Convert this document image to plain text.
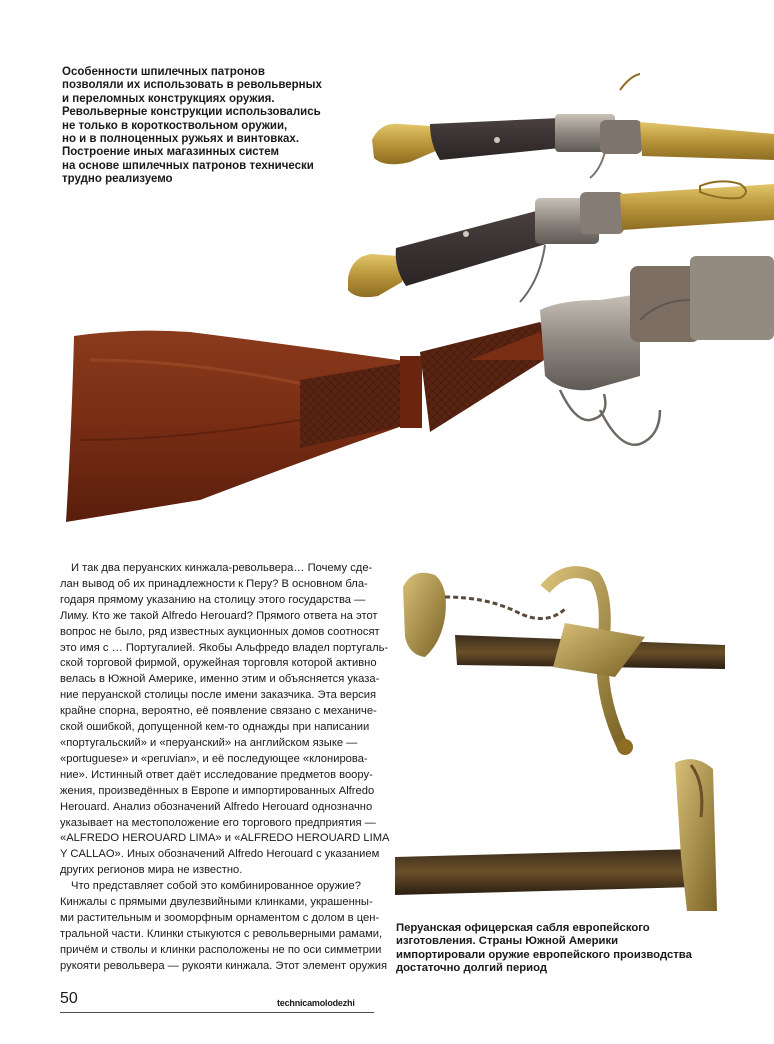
Особенности шпилечных патронов
позволяли их использовать в револьверных
и переломных конструкциях оружия.
Револьверные конструкции использовались
не только в короткоствольном оружии,
но и в полноценных ружьях и винтовках.
Построение иных магазинных систем
на основе шпилечных патронов технически
трудно реализуемо
И так два перуанских кинжала-револьвера… Почему сде-
лан вывод об их принадлежности к Перу? В основном бла-
годаря прямому указанию на столицу этого государства —
Лиму. Кто же такой Alfredo Herouard? Прямого ответа на этот
вопрос не было, ряд известных аукционных домов соотносят
это имя с … Португалией. Якобы Альфредо владел португаль-
ской торговой фирмой, оружейная торговля которой активно
велась в Южной Америке, именно этим и объясняется указа-
ние перуанской столицы после имени заказчика. Эта версия
крайне спорна, вероятно, её появление связано с механиче-
ской ошибкой, допущенной кем-то однажды при написании
«португальский» и «перуанский» на английском языке —
«portuguese» и «peruvian», и её последующее «клонирова-
ние». Истинный ответ даёт исследование предметов воору-
жения, произведённых в Европе и импортированных Alfredo
Herouard. Анализ обозначений Alfredo Herouard однозначно
указывает на местоположение его торгового предприятия —
«ALFREDO HEROUARD LIMA» и «ALFREDO HEROUARD LIMA
Y CALLAO». Иных обозначений Alfredo Herouard с указанием
других регионов мира не известно.
Что представляет собой это комбинированное оружие?
Кинжалы с прямыми двулезвийными клинками, украшенны-
ми растительным и зооморфным орнаментом с долом в цен-
тральной части. Клинки стыкуются с револьверными рамами,
причём и стволы и клинки расположены не по оси симметрии
рукояти револьвера — рукояти кинжала. Этот элемент оружия
Перуанская офицерская сабля европейского
изготовления. Страны Южной Америки
импортировали оружие европейского производства
достаточно долгий период
50	technicamolodezhi
